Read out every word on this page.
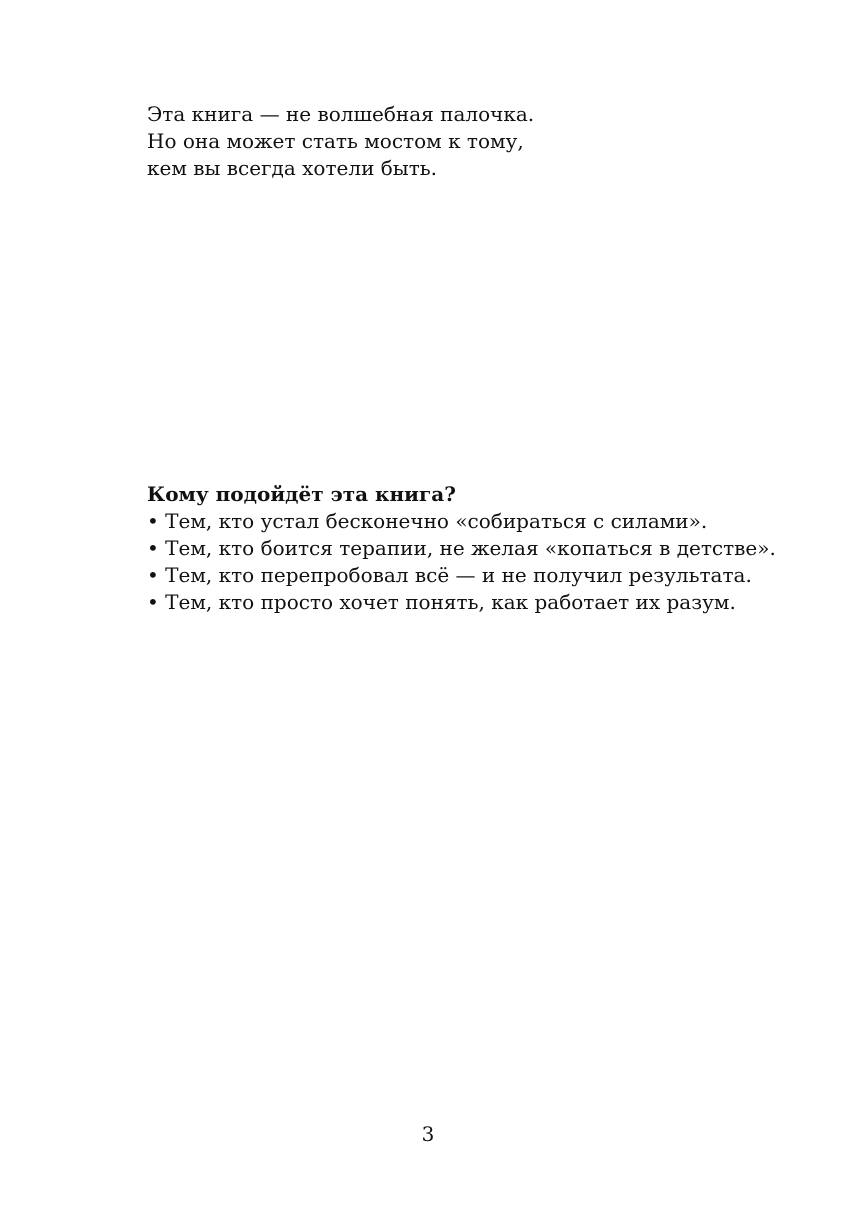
Эта книга — не волшебная палочка.
Но она может стать мостом к тому,
кем вы всегда хотели быть.
Кому подойдёт эта книга?
• Тем, кто устал бесконечно «собираться с силами».
• Тем, кто боится терапии, не желая «копаться в детстве».
• Тем, кто перепробовал всё — и не получил результата.
• Тем, кто просто хочет понять, как работает их разум.
3
